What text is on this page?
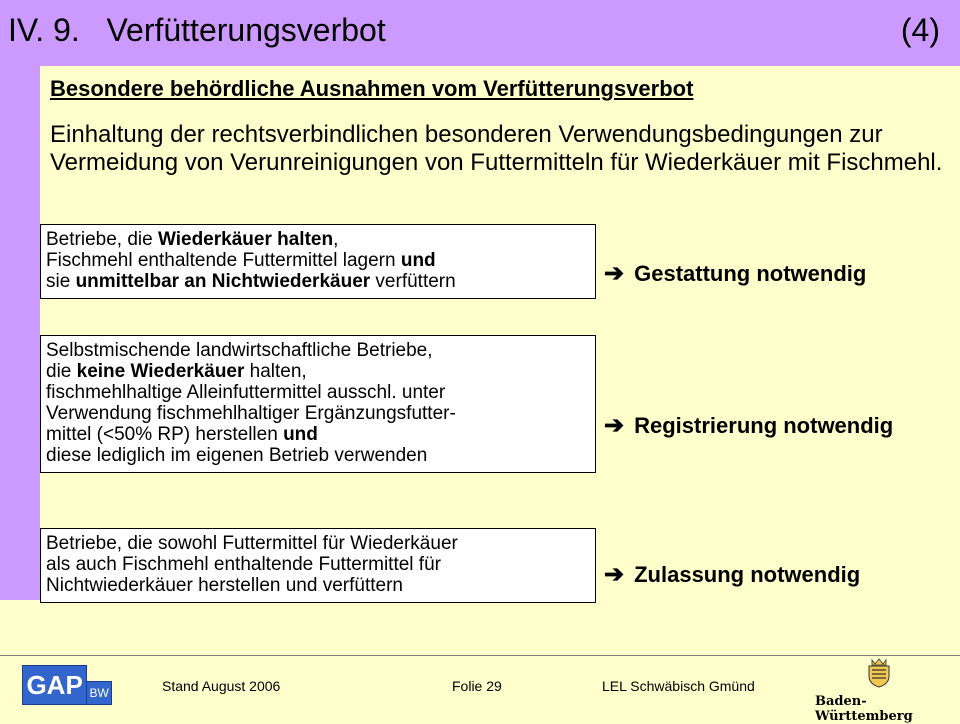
IV. 9. Verfütterungsverbot	(4)
Besondere behördliche Ausnahmen vom Verfütterungsverbot
Einhaltung der rechtsverbindlichen besonderen Verwendungsbedingungen zur Vermeidung von Verunreinigungen von Futtermitteln für Wiederkäuer mit Fischmehl.
Betriebe, die Wiederkäuer halten,
Fischmehl enthaltende Futtermittel lagern und
sie unmittelbar an Nichtwiederkäuer verfüttern	➔ Gestattung notwendig
Selbstmischende landwirtschaftliche Betriebe,
die keine Wiederkäuer halten,
fischmehlhaltige Alleinfuttermittel ausschl. unter
Verwendung fischmehlhaltiger Ergänzungsfutter-
mittel (<50% RP) herstellen und
diese lediglich im eigenen Betrieb verwenden
➔ Registrierung notwendig
Betriebe, die sowohl Futtermittel für Wiederkäuer
als auch Fischmehl enthaltende Futtermittel für
Nichtwiederkäuer herstellen und verfüttern	➔ Zulassung notwendig
GAP BW	Stand August 2006	Folie 29	LEL Schwäbisch Gmünd
Baden-Württemberg
